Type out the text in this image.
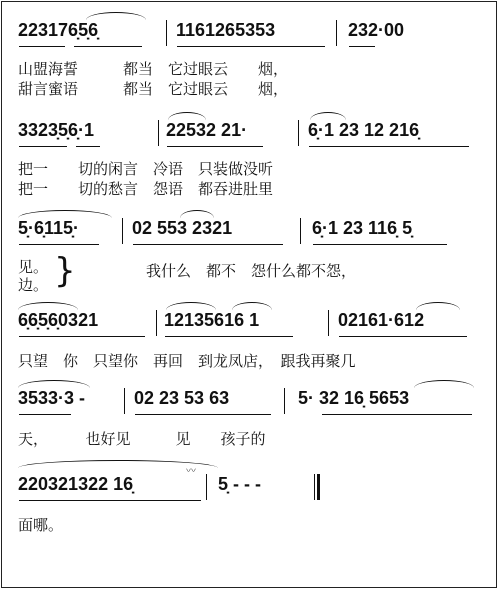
223176̣5̣6̣	1161265353	232·00
山盟海誓　　　都当　它过眼云　　烟，
甜言蜜语　　　都当　它过眼云　　烟，
3323̣5̣6̣·1	22532 21·	6̣·1 23 12 216̣
把一　　切的闲言　冷语　只装做没听
把一　　切的愁言　怨语　都吞进肚里
5̣·6̣115̣·	02 553 2321	6̣·1 23 116̣ 5̣
见。
边。 }	我什么　都不　怨什么都不怨，
6̣6̣5̣6̣0321	12135616 1	02161·612
只望　你　只望你　再回　到龙凤店，　跟我再聚几
3533·3 -	02 23 53 63	5· 32 16̣ 5653
天，　　　也好见　　　见　　孩子的
220321322 16̣	5̣ - - -
〰
面哪。
